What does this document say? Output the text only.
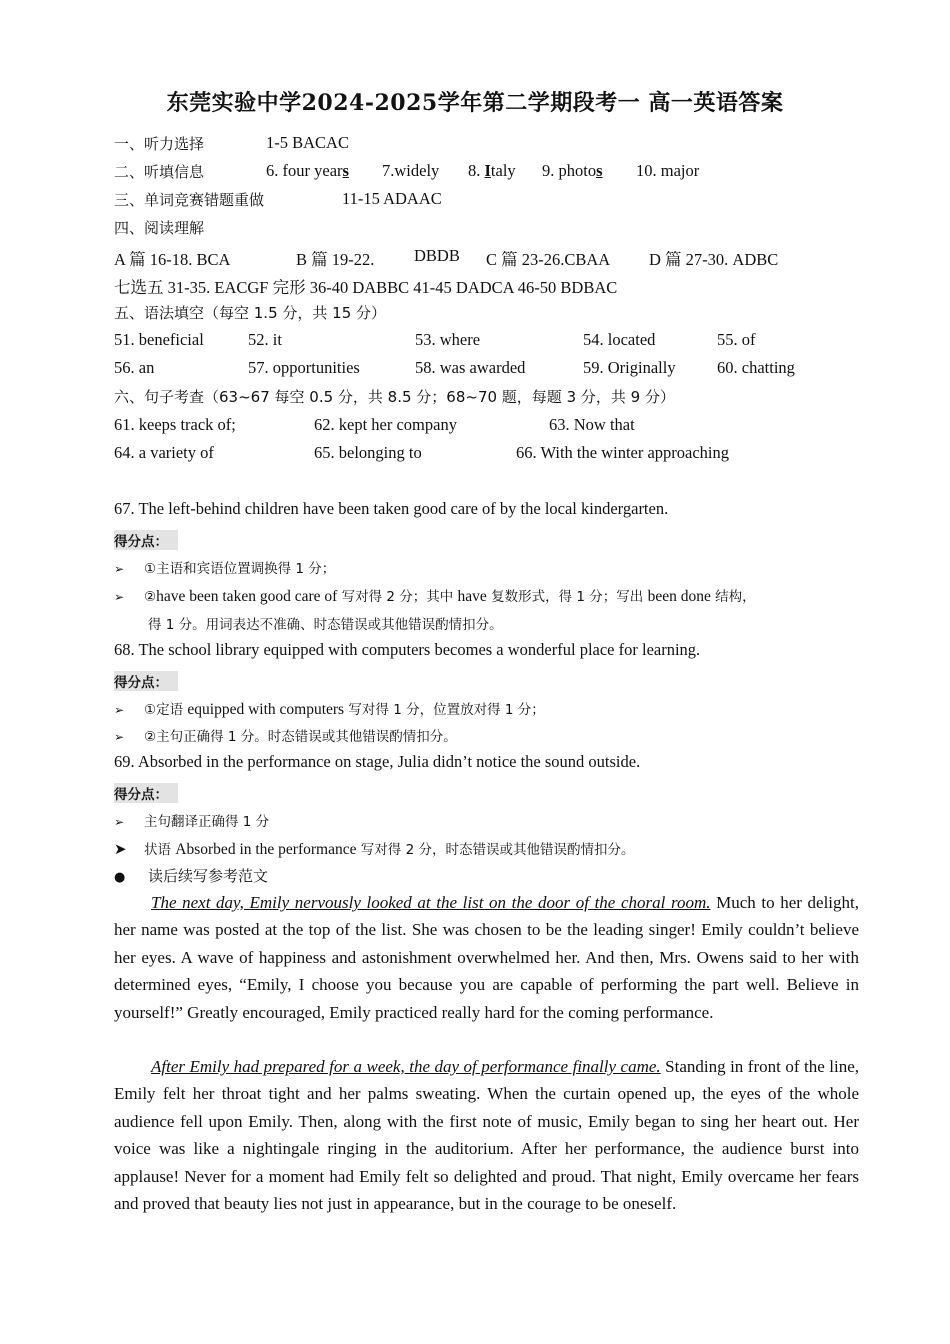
东莞实验中学2024-2025学年第二学期段考一 高一英语答案
一、听力选择	1-5 BACAC
二、听填信息	6. four years 7.widely 8. Italy 9. photos 10. major
三、单词竞赛错题重做	11-15 ADAAC
四、阅读理解
A 篇 16-18. BCA	B 篇 19-22. DBDB C 篇 23-26.CBAA D 篇 27-30. ADBC
七选五 31-35. EACGF 完形 36-40 DABBC 41-45 DADCA 46-50 BDBAC
五、语法填空（每空 1.5 分，共 15 分）
51. beneficial	52. it	53. where	54. located	55. of
56. an	57. opportunities	58. was awarded	59. Originally	60. chatting
六、句子考查（63~67 每空 0.5 分，共 8.5 分；68~70 题，每题 3 分，共 9 分）
61. keeps track of;	62. kept her company	63. Now that
64. a variety of	65. belonging to	66. With the winter approaching
67. The left-behind children have been taken good care of by the local kindergarten.
得分点：
➢ ①主语和宾语位置调换得 1 分；
➢ ②have been taken good care of 写对得 2 分；其中 have 复数形式，得 1 分；写出 been done 结构，
得 1 分。用词表达不准确、时态错误或其他错误酌情扣分。
68. The school library equipped with computers becomes a wonderful place for learning.
得分点：
➢ ①定语 equipped with computers 写对得 1 分，位置放对得 1 分；
➢ ②主句正确得 1 分。时态错误或其他错误酌情扣分。
69. Absorbed in the performance on stage, Julia didn’t notice the sound outside.
得分点：
➢ 主句翻译正确得 1 分
➤ 状语 Absorbed in the performance 写对得 2 分，时态错误或其他错误酌情扣分。
● 读后续写参考范文
The next day, Emily nervously looked at the list on the door of the choral room. Much to her delight, her name was posted at the top of the list. She was chosen to be the leading singer! Emily couldn’t believe her eyes. A wave of happiness and astonishment overwhelmed her. And then, Mrs. Owens said to her with determined eyes, “Emily, I choose you because you are capable of performing the part well. Believe in yourself!” Greatly encouraged, Emily practiced really hard for the coming performance.
After Emily had prepared for a week, the day of performance finally came. Standing in front of the line, Emily felt her throat tight and her palms sweating. When the curtain opened up, the eyes of the whole audience fell upon Emily. Then, along with the first note of music, Emily began to sing her heart out. Her voice was like a nightingale ringing in the auditorium. After her performance, the audience burst into applause! Never for a moment had Emily felt so delighted and proud. That night, Emily overcame her fears and proved that beauty lies not just in appearance, but in the courage to be oneself.
